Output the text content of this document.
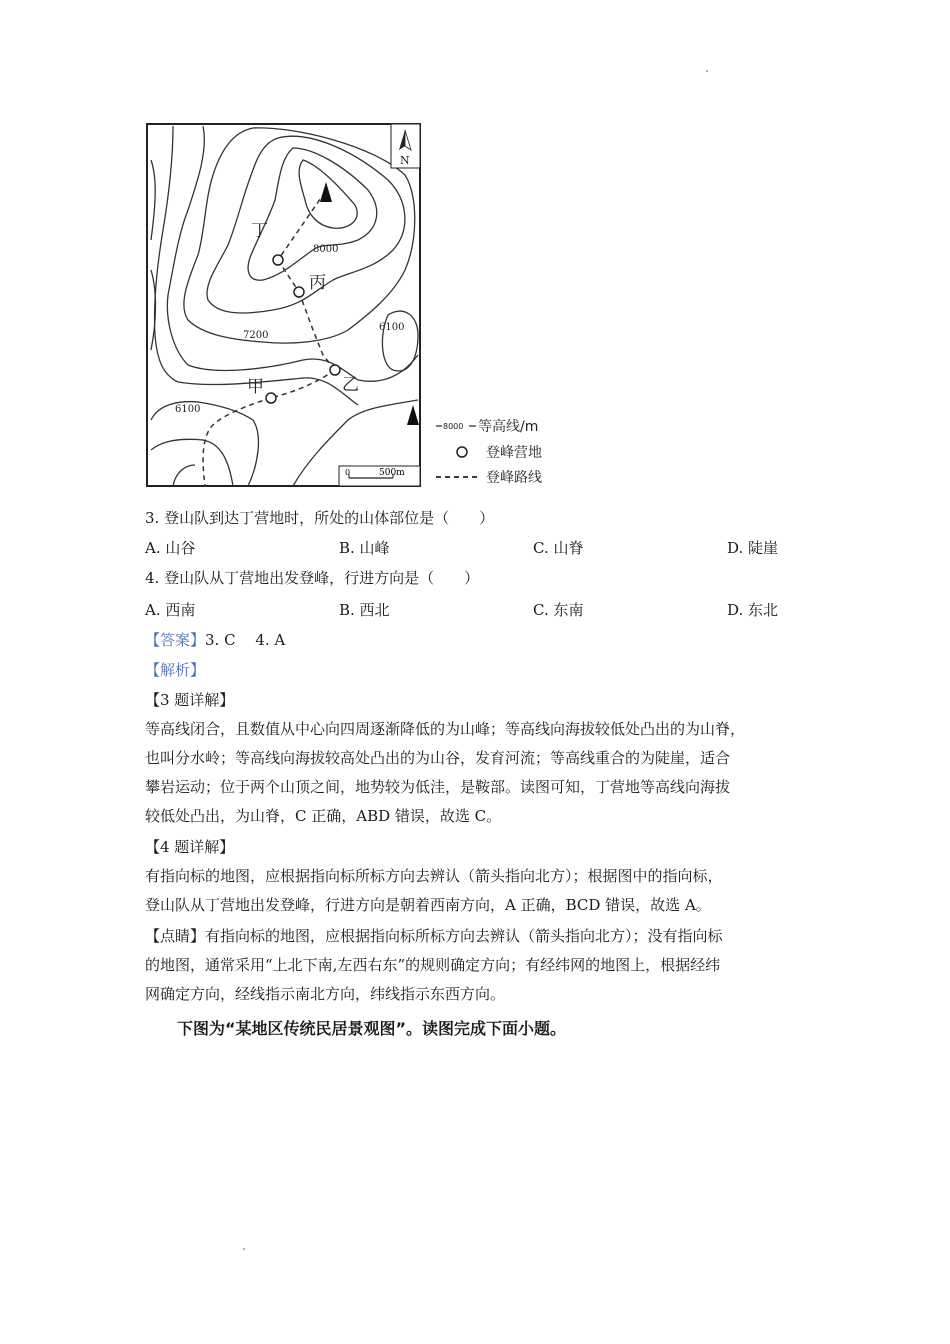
丁
丙
乙
甲
8000
7200
6100
6100
N
0	500m
8000 等高线/m
登峰营地
登峰路线
3. 登山队到达丁营地时，所处的山体部位是（　　）
A. 山谷	B. 山峰	C. 山脊	D. 陡崖
4. 登山队从丁营地出发登峰，行进方向是（　　）
A. 西南	B. 西北	C. 东南	D. 东北
【答案】3. C　 4. A
【解析】
【3 题详解】
等高线闭合，且数值从中心向四周逐渐降低的为山峰；等高线向海拔较低处凸出的为山脊，
也叫分水岭；等高线向海拔较高处凸出的为山谷，发育河流；等高线重合的为陡崖，适合
攀岩运动；位于两个山顶之间，地势较为低洼，是鞍部。读图可知，丁营地等高线向海拔
较低处凸出，为山脊，C 正确，ABD 错误，故选 C。
【4 题详解】
有指向标的地图，应根据指向标所标方向去辨认（箭头指向北方）；根据图中的指向标，
登山队从丁营地出发登峰，行进方向是朝着西南方向，A 正确，BCD 错误，故选 A。
【点睛】有指向标的地图，应根据指向标所标方向去辨认（箭头指向北方）；没有指向标
的地图，通常采用“上北下南,左西右东”的规则确定方向；有经纬网的地图上，根据经纬
网确定方向，经线指示南北方向，纬线指示东西方向。
下图为“某地区传统民居景观图”。读图完成下面小题。
